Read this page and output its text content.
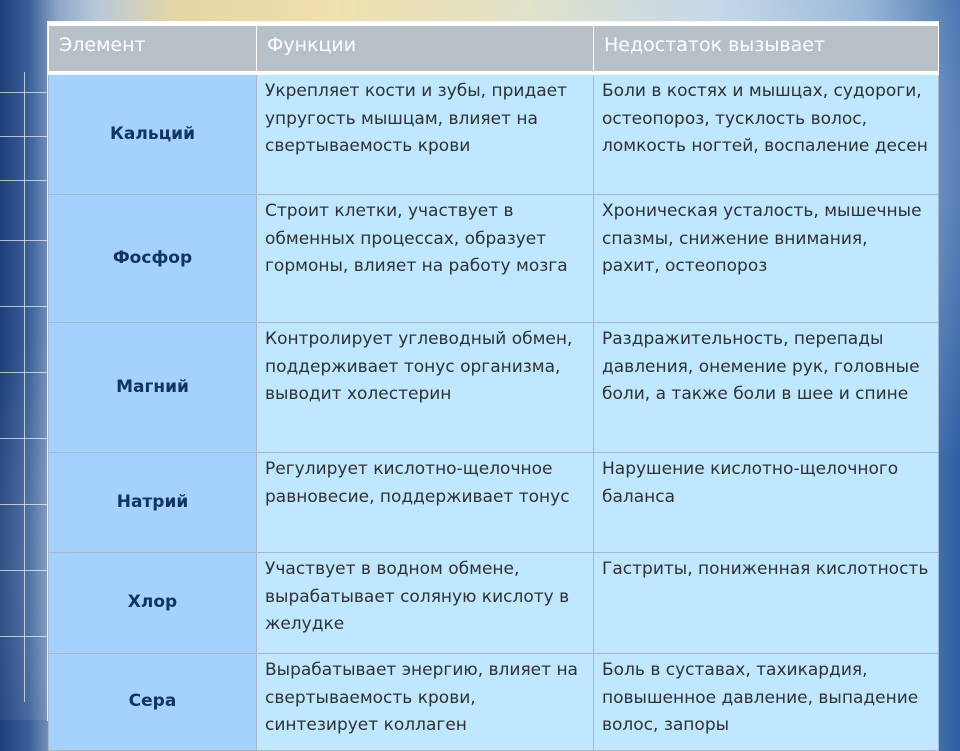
Элемент	Функции	Недостаток вызывает

Кальций	Укрепляет кости и зубы, придает упругость мышцам, влияет на свертываемость крови	Боли в костях и мышцах, судороги, остеопороз, тусклость волос, ломкость ногтей, воспаление десен

Фосфор	Строит клетки, участвует в обменных процессах, образует гормоны, влияет на работу мозга	Хроническая усталость, мышечные спазмы, снижение внимания, рахит, остеопороз

Магний	Контролирует углеводный обмен, поддерживает тонус организма, выводит холестерин	Раздражительность, перепады давления, онемение рук, головные боли, а также боли в шее и спине

Натрий	Регулирует кислотно-щелочное равновесие, поддерживает тонус	Нарушение кислотно-щелочного баланса

Хлор	Участвует в водном обмене, вырабатывает соляную кислоту в желудке	Гастриты, пониженная кислотность

Сера	Вырабатывает энергию, влияет на свертываемость крови, синтезирует коллаген	Боль в суставах, тахикардия, повышенное давление, выпадение волос, запоры
